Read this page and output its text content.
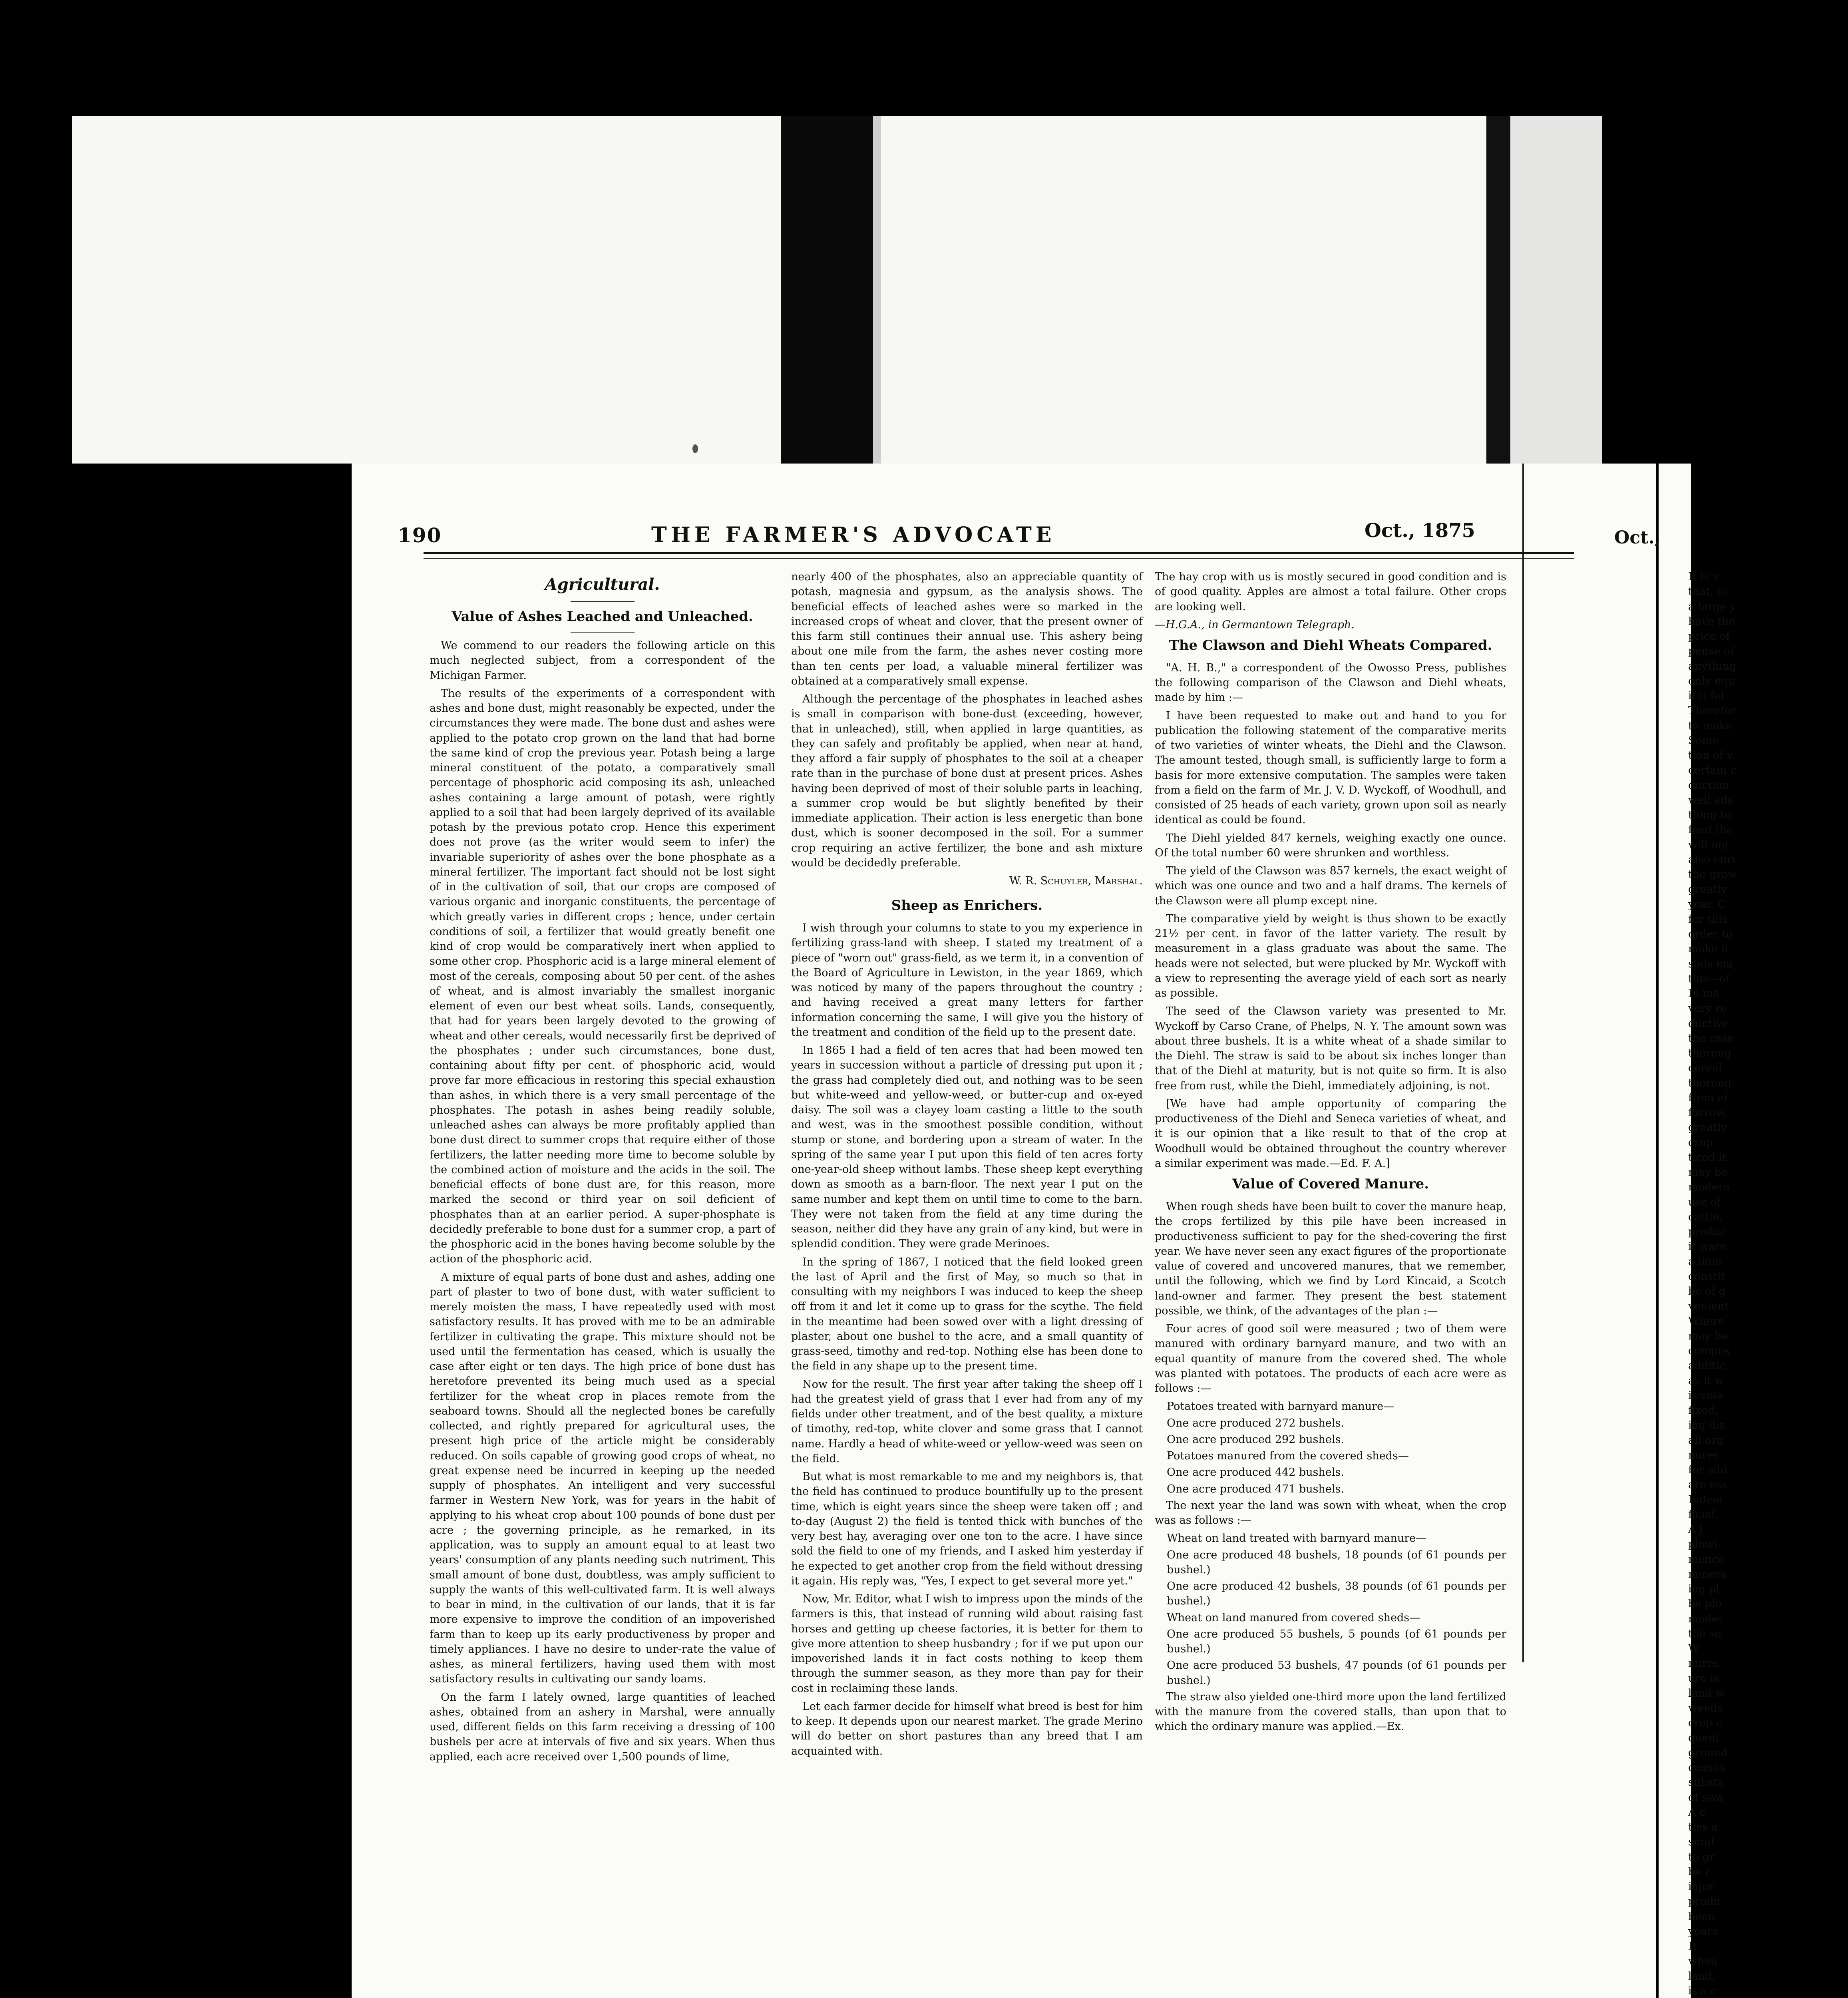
190	THE FARMER'S ADVOCATE	Oct., 1875	Oct.,
Agricultural.
Value of Ashes Leached and Unleached.

We commend to our readers the following article on this much neglected subject, from a correspondent of the Michigan Farmer.

The results of the experiments of a correspondent with ashes and bone dust, might reasonably be expected, under the circumstances they were made. The bone dust and ashes were applied to the potato crop grown on the land that had borne the same kind of crop the previous year. Potash being a large mineral constituent of the potato, a comparatively small percentage of phosphoric acid composing its ash, unleached ashes containing a large amount of potash, were rightly applied to a soil that had been largely deprived of its available potash by the previous potato crop. Hence this experiment does not prove (as the writer would seem to infer) the invariable superiority of ashes over the bone phosphate as a mineral fertilizer. The important fact should not be lost sight of in the cultivation of soil, that our crops are composed of various organic and inorganic constituents, the percentage of which greatly varies in different crops ; hence, under certain conditions of soil, a fertilizer that would greatly benefit one kind of crop would be comparatively inert when applied to some other crop. Phosphoric acid is a large mineral element of most of the cereals, composing about 50 per cent. of the ashes of wheat, and is almost invariably the smallest inorganic element of even our best wheat soils. Lands, consequently, that had for years been largely devoted to the growing of wheat and other cereals, would necessarily first be deprived of the phosphates ; under such circumstances, bone dust, containing about fifty per cent. of phosphoric acid, would prove far more efficacious in restoring this special exhaustion than ashes, in which there is a very small percentage of the phosphates. The potash in ashes being readily soluble, unleached ashes can always be more profitably applied than bone dust direct to summer crops that require either of those fertilizers, the latter needing more time to become soluble by the combined action of moisture and the acids in the soil. The beneficial effects of bone dust are, for this reason, more marked the second or third year on soil deficient of phosphates than at an earlier period. A super-phosphate is decidedly preferable to bone dust for a summer crop, a part of the phosphoric acid in the bones having become soluble by the action of the phosphoric acid.

A mixture of equal parts of bone dust and ashes, adding one part of plaster to two of bone dust, with water sufficient to merely moisten the mass, I have repeatedly used with most satisfactory results. It has proved with me to be an admirable fertilizer in cultivating the grape. This mixture should not be used until the fermentation has ceased, which is usually the case after eight or ten days. The high price of bone dust has heretofore prevented its being much used as a special fertilizer for the wheat crop in places remote from the seaboard towns. Should all the neglected bones be carefully collected, and rightly prepared for agricultural uses, the present high price of the article might be considerably reduced. On soils capable of growing good crops of wheat, no great expense need be incurred in keeping up the needed supply of phosphates. An intelligent and very successful farmer in Western New York, was for years in the habit of applying to his wheat crop about 100 pounds of bone dust per acre ; the governing principle, as he remarked, in its application, was to supply an amount equal to at least two years' consumption of any plants needing such nutriment. This small amount of bone dust, doubtless, was amply sufficient to supply the wants of this well-cultivated farm. It is well always to bear in mind, in the cultivation of our lands, that it is far more expensive to improve the condition of an impoverished farm than to keep up its early productiveness by proper and timely appliances. I have no desire to under-rate the value of ashes, as mineral fertilizers, having used them with most satisfactory results in cultivating our sandy loams.

On the farm I lately owned, large quantities of leached ashes, obtained from an ashery in Marshal, were annually used, different fields on this farm receiving a dressing of 100 bushels per acre at intervals of five and six years. When thus applied, each acre received over 1,500 pounds of lime,

nearly 400 of the phosphates, also an appreciable quantity of potash, magnesia and gypsum, as the analysis shows. The beneficial effects of leached ashes were so marked in the increased crops of wheat and clover, that the present owner of this farm still continues their annual use. This ashery being about one mile from the farm, the ashes never costing more than ten cents per load, a valuable mineral fertilizer was obtained at a comparatively small expense.

Although the percentage of the phosphates in leached ashes is small in comparison with bone-dust (exceeding, however, that in unleached), still, when applied in large quantities, as they can safely and profitably be applied, when near at hand, they afford a fair supply of phosphates to the soil at a cheaper rate than in the purchase of bone dust at present prices. Ashes having been deprived of most of their soluble parts in leaching, a summer crop would be but slightly benefited by their immediate application. Their action is less energetic than bone dust, which is sooner decomposed in the soil. For a summer crop requiring an active fertilizer, the bone and ash mixture would be decidedly preferable.

W. R. Schuyler, Marshal.

Sheep as Enrichers.

I wish through your columns to state to you my experience in fertilizing grass-land with sheep. I stated my treatment of a piece of "worn out" grass-field, as we term it, in a convention of the Board of Agriculture in Lewiston, in the year 1869, which was noticed by many of the papers throughout the country ; and having received a great many letters for farther information concerning the same, I will give you the history of the treatment and condition of the field up to the present date.

In 1865 I had a field of ten acres that had been mowed ten years in succession without a particle of dressing put upon it ; the grass had completely died out, and nothing was to be seen but white-weed and yellow-weed, or butter-cup and ox-eyed daisy. The soil was a clayey loam casting a little to the south and west, was in the smoothest possible condition, without stump or stone, and bordering upon a stream of water. In the spring of the same year I put upon this field of ten acres forty one-year-old sheep without lambs. These sheep kept everything down as smooth as a barn-floor. The next year I put on the same number and kept them on until time to come to the barn. They were not taken from the field at any time during the season, neither did they have any grain of any kind, but were in splendid condition. They were grade Merinoes.

In the spring of 1867, I noticed that the field looked green the last of April and the first of May, so much so that in consulting with my neighbors I was induced to keep the sheep off from it and let it come up to grass for the scythe. The field in the meantime had been sowed over with a light dressing of plaster, about one bushel to the acre, and a small quantity of grass-seed, timothy and red-top. Nothing else has been done to the field in any shape up to the present time.

Now for the result. The first year after taking the sheep off I had the greatest yield of grass that I ever had from any of my fields under other treatment, and of the best quality, a mixture of timothy, red-top, white clover and some grass that I cannot name. Hardly a head of white-weed or yellow-weed was seen on the field.

But what is most remarkable to me and my neighbors is, that the field has continued to produce bountifully up to the present time, which is eight years since the sheep were taken off ; and to-day (August 2) the field is tented thick with bunches of the very best hay, averaging over one ton to the acre. I have since sold the field to one of my friends, and I asked him yesterday if he expected to get another crop from the field without dressing it again. His reply was, "Yes, I expect to get several more yet."

Now, Mr. Editor, what I wish to impress upon the minds of the farmers is this, that instead of running wild about raising fast horses and getting up cheese factories, it is better for them to give more attention to sheep husbandry ; for if we put upon our impoverished lands it in fact costs nothing to keep them through the summer season, as they more than pay for their cost in reclaiming these lands.

Let each farmer decide for himself what breed is best for him to keep. It depends upon our nearest market. The grade Merino will do better on short pastures than any breed that I am acquainted with.

The hay crop with us is mostly secured in good condition and is of good quality. Apples are almost a total failure. Other crops are looking well.

—H.G.A., in Germantown Telegraph.

The Clawson and Diehl Wheats Compared.

"A. H. B.," a correspondent of the Owosso Press, publishes the following comparison of the Clawson and Diehl wheats, made by him :—

I have been requested to make out and hand to you for publication the following statement of the comparative merits of two varieties of winter wheats, the Diehl and the Clawson. The amount tested, though small, is sufficiently large to form a basis for more extensive computation. The samples were taken from a field on the farm of Mr. J. V. D. Wyckoff, of Woodhull, and consisted of 25 heads of each variety, grown upon soil as nearly identical as could be found.

The Diehl yielded 847 kernels, weighing exactly one ounce. Of the total number 60 were shrunken and worthless.

The yield of the Clawson was 857 kernels, the exact weight of which was one ounce and two and a half drams. The kernels of the Clawson were all plump except nine.

The comparative yield by weight is thus shown to be exactly 21½ per cent. in favor of the latter variety. The result by measurement in a glass graduate was about the same. The heads were not selected, but were plucked by Mr. Wyckoff with a view to representing the average yield of each sort as nearly as possible.

The seed of the Clawson variety was presented to Mr. Wyckoff by Carso Crane, of Phelps, N. Y. The amount sown was about three bushels. It is a white wheat of a shade similar to the Diehl. The straw is said to be about six inches longer than that of the Diehl at maturity, but is not quite so firm. It is also free from rust, while the Diehl, immediately adjoining, is not.

[We have had ample opportunity of comparing the productiveness of the Diehl and Seneca varieties of wheat, and it is our opinion that a like result to that of the crop at Woodhull would be obtained throughout the country wherever a similar experiment was made.—Ed. F. A.]

Value of Covered Manure.

When rough sheds have been built to cover the manure heap, the crops fertilized by this pile have been increased in productiveness sufficient to pay for the shed-covering the first year. We have never seen any exact figures of the proportionate value of covered and uncovered manures, that we remember, until the following, which we find by Lord Kincaid, a Scotch land-owner and farmer. They present the best statement possible, we think, of the advantages of the plan :—

Four acres of good soil were measured ; two of them were manured with ordinary barnyard manure, and two with an equal quantity of manure from the covered shed. The whole was planted with potatoes. The products of each acre were as follows :—

Potatoes treated with barnyard manure—

One acre produced 272 bushels.

One acre produced 292 bushels.

Potatoes manured from the covered sheds—

One acre produced 442 bushels.

One acre produced 471 bushels.

The next year the land was sown with wheat, when the crop was as follows :—

Wheat on land treated with barnyard manure—

One acre produced 48 bushels, 18 pounds (of 61 pounds per bushel.)

One acre produced 42 bushels, 38 pounds (of 61 pounds per bushel.)

Wheat on land manured from covered sheds—

One acre produced 55 bushels, 5 pounds (of 61 pounds per bushel.)

One acre produced 53 bushels, 47 pounds (of 61 pounds per bushel.)

The straw also yielded one-third more upon the land fertilized with the manure from the covered stalls, than upon that to which the ordinary manure was applied.—Ex.

It is v
that, to
a large y
have the
price of
pense of
anything
only equ
if it fal
Therefor
to make
Some
tion of v
certain c
duction
well ads
thing to
feed the
will not
also enri
the grow
greatly
year. C
for this
order to
make it
soils ma
this—of
In ma
very re
ductive
the case
thoroug
cereal
thoroug
from ei
furrow,
greatly
crop
ticed it
may be
modera
use of
cattle,
produc
it ware
a lime
constit
be of g
venient
Where
may be
compos
additic
as it w
is vola
fixed;
ing dis
all org
nures
for whi
are ess
Indeec
ficial.
A j
plowi
mence
minera
ing pl
be plo
moder
the so
W
nures
ure is
land w
weeds
crop c
quent
ground
causes
substa
of swa
A c
ties a
smut
to gr
be r
injur
produ
been
years
It
whea
land,
is a c
